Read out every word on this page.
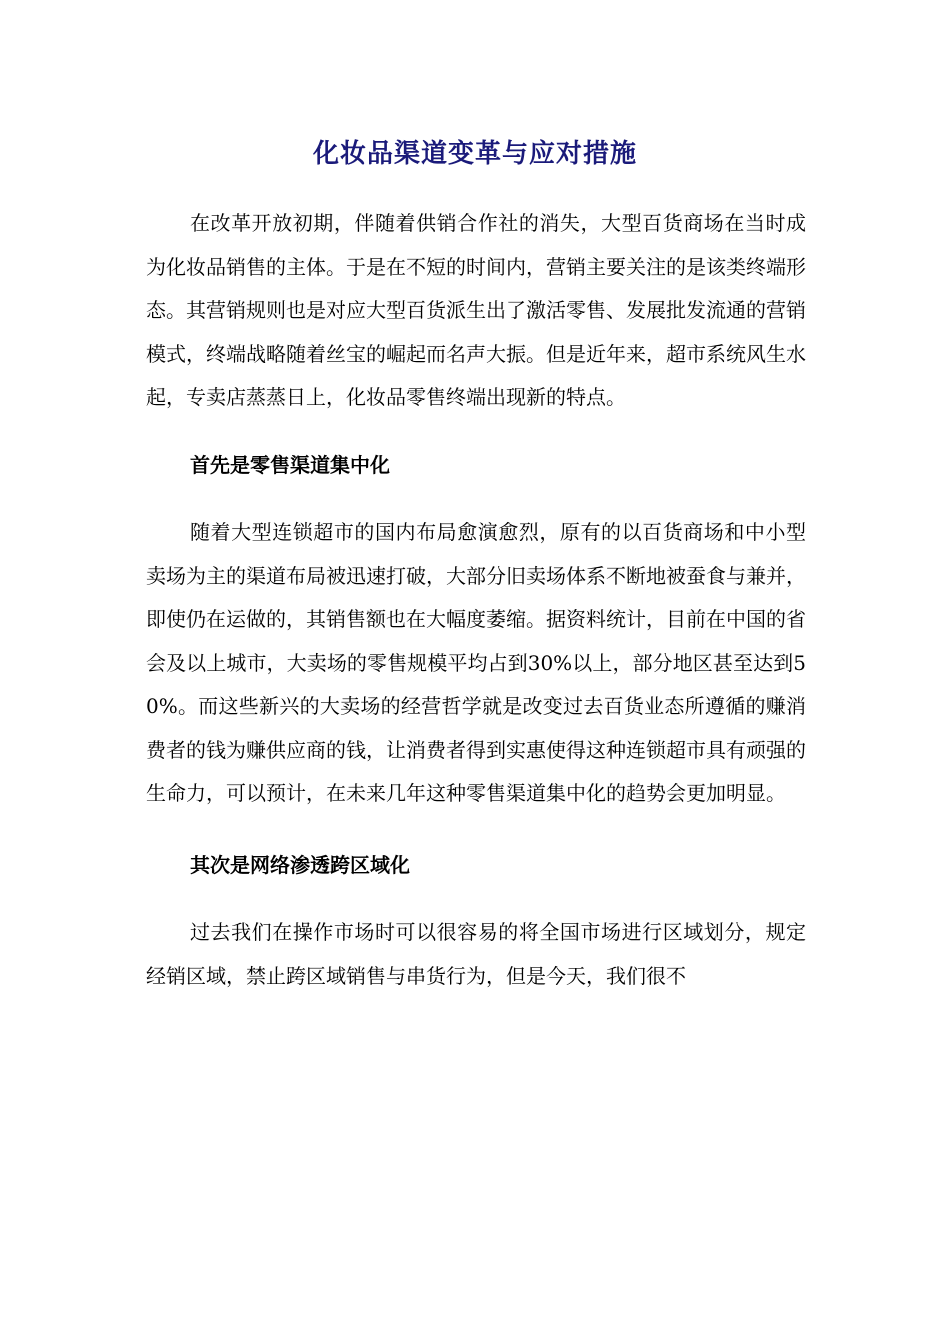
化妆品渠道变革与应对措施

在改革开放初期，伴随着供销合作社的消失，大型百货商场在当时成为化妆品销售的主体。于是在不短的时间内，营销主要关注的是该类终端形态。其营销规则也是对应大型百货派生出了激活零售、发展批发流通的营销模式，终端战略随着丝宝的崛起而名声大振。但是近年来，超市系统风生水起，专卖店蒸蒸日上，化妆品零售终端出现新的特点。

首先是零售渠道集中化

随着大型连锁超市的国内布局愈演愈烈，原有的以百货商场和中小型卖场为主的渠道布局被迅速打破，大部分旧卖场体系不断地被蚕食与兼并，即使仍在运做的，其销售额也在大幅度萎缩。据资料统计，目前在中国的省会及以上城市，大卖场的零售规模平均占到30%以上，部分地区甚至达到50%。而这些新兴的大卖场的经营哲学就是改变过去百货业态所遵循的赚消费者的钱为赚供应商的钱，让消费者得到实惠使得这种连锁超市具有顽强的生命力，可以预计，在未来几年这种零售渠道集中化的趋势会更加明显。

其次是网络渗透跨区域化

过去我们在操作市场时可以很容易的将全国市场进行区域划分，规定经销区域，禁止跨区域销售与串货行为，但是今天，我们很不
